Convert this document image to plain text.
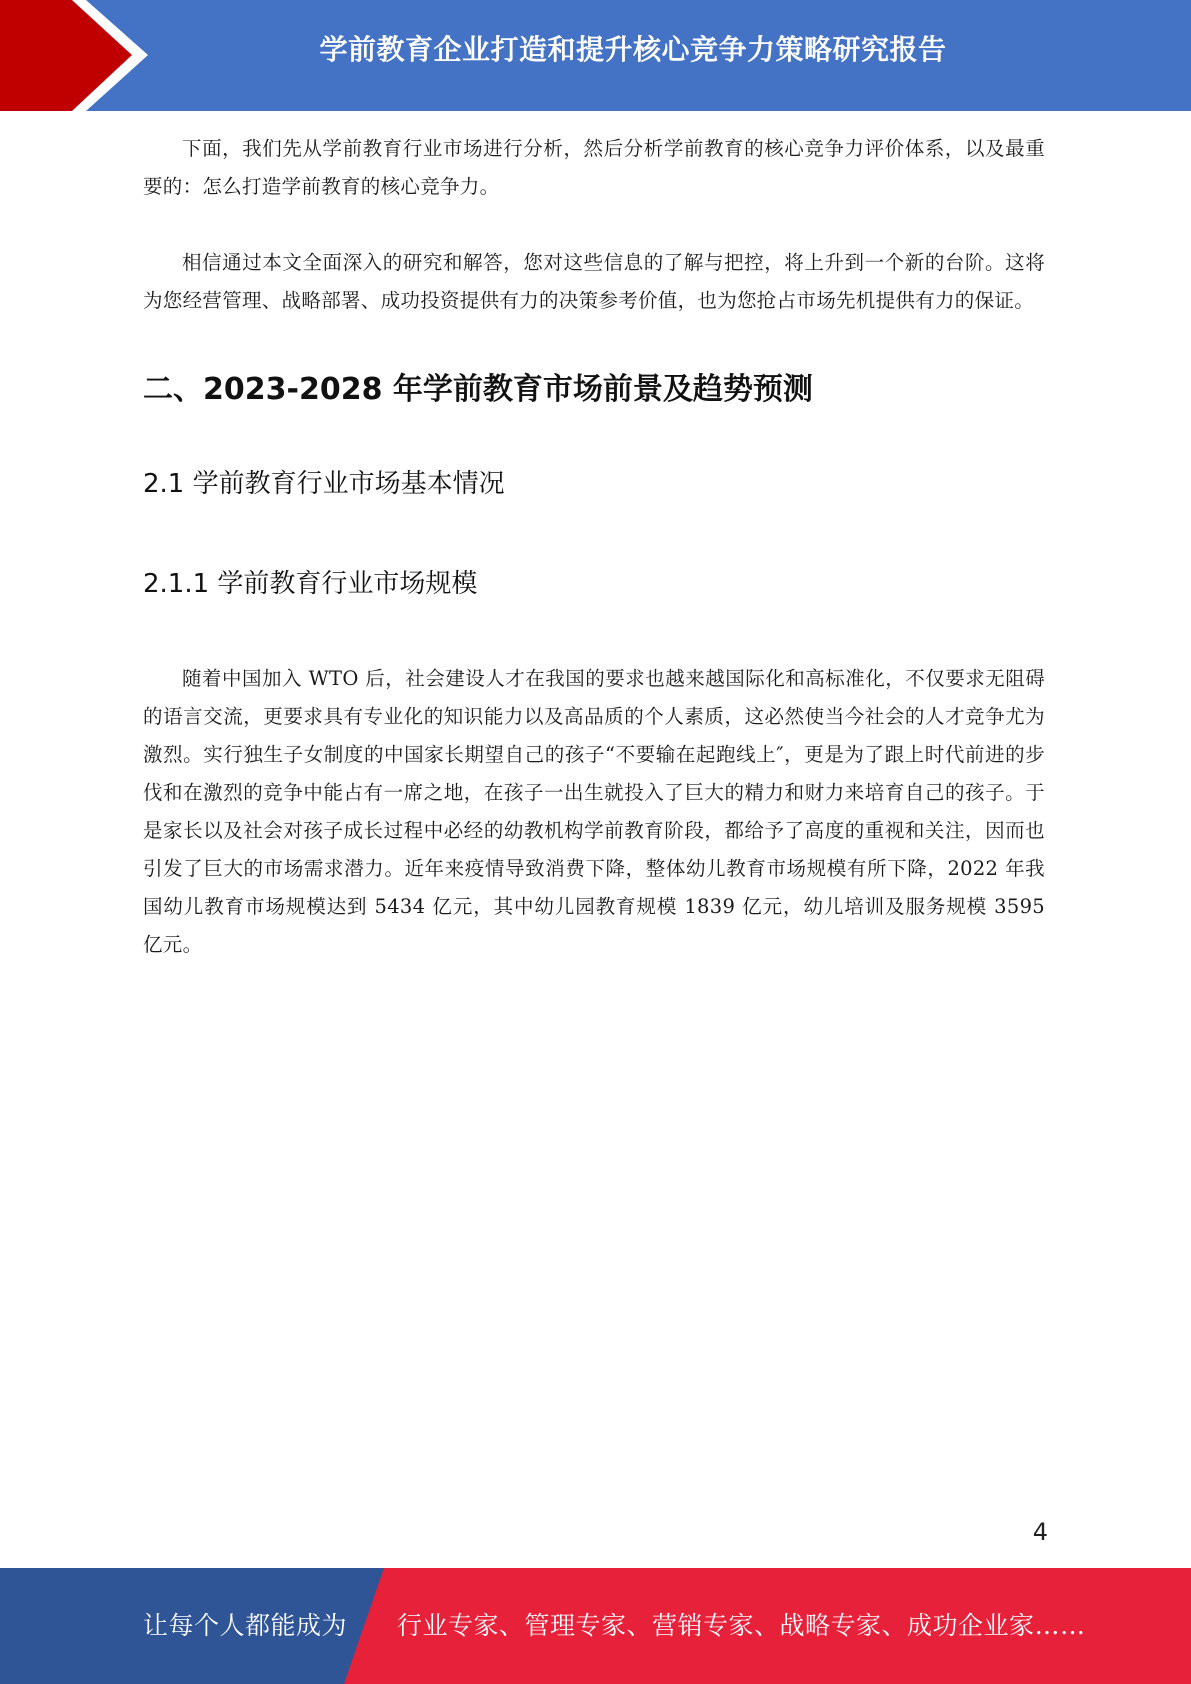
学前教育企业打造和提升核心竞争力策略研究报告

下面，我们先从学前教育行业市场进行分析，然后分析学前教育的核心竞争力评价体系，以及最重要的：怎么打造学前教育的核心竞争力。

相信通过本文全面深入的研究和解答，您对这些信息的了解与把控，将上升到一个新的台阶。这将为您经营管理、战略部署、成功投资提供有力的决策参考价值，也为您抢占市场先机提供有力的保证。

二、2023-2028 年学前教育市场前景及趋势预测
2.1 学前教育行业市场基本情况
2.1.1 学前教育行业市场规模

随着中国加入 WTO 后，社会建设人才在我国的要求也越来越国际化和高标准化，不仅要求无阻碍的语言交流，更要求具有专业化的知识能力以及高品质的个人素质，这必然使当今社会的人才竞争尤为激烈。实行独生子女制度的中国家长期望自己的孩子“不要输在起跑线上″，更是为了跟上时代前进的步伐和在激烈的竞争中能占有一席之地，在孩子一出生就投入了巨大的精力和财力来培育自己的孩子。于是家长以及社会对孩子成长过程中必经的幼教机构学前教育阶段，都给予了高度的重视和关注，因而也引发了巨大的市场需求潜力。近年来疫情导致消费下降，整体幼儿教育市场规模有所下降，2022 年我国幼儿教育市场规模达到 5434 亿元，其中幼儿园教育规模 1839 亿元，幼儿培训及服务规模 3595 亿元。

4
让每个人都能成为 行业专家、管理专家、营销专家、战略专家、成功企业家……
